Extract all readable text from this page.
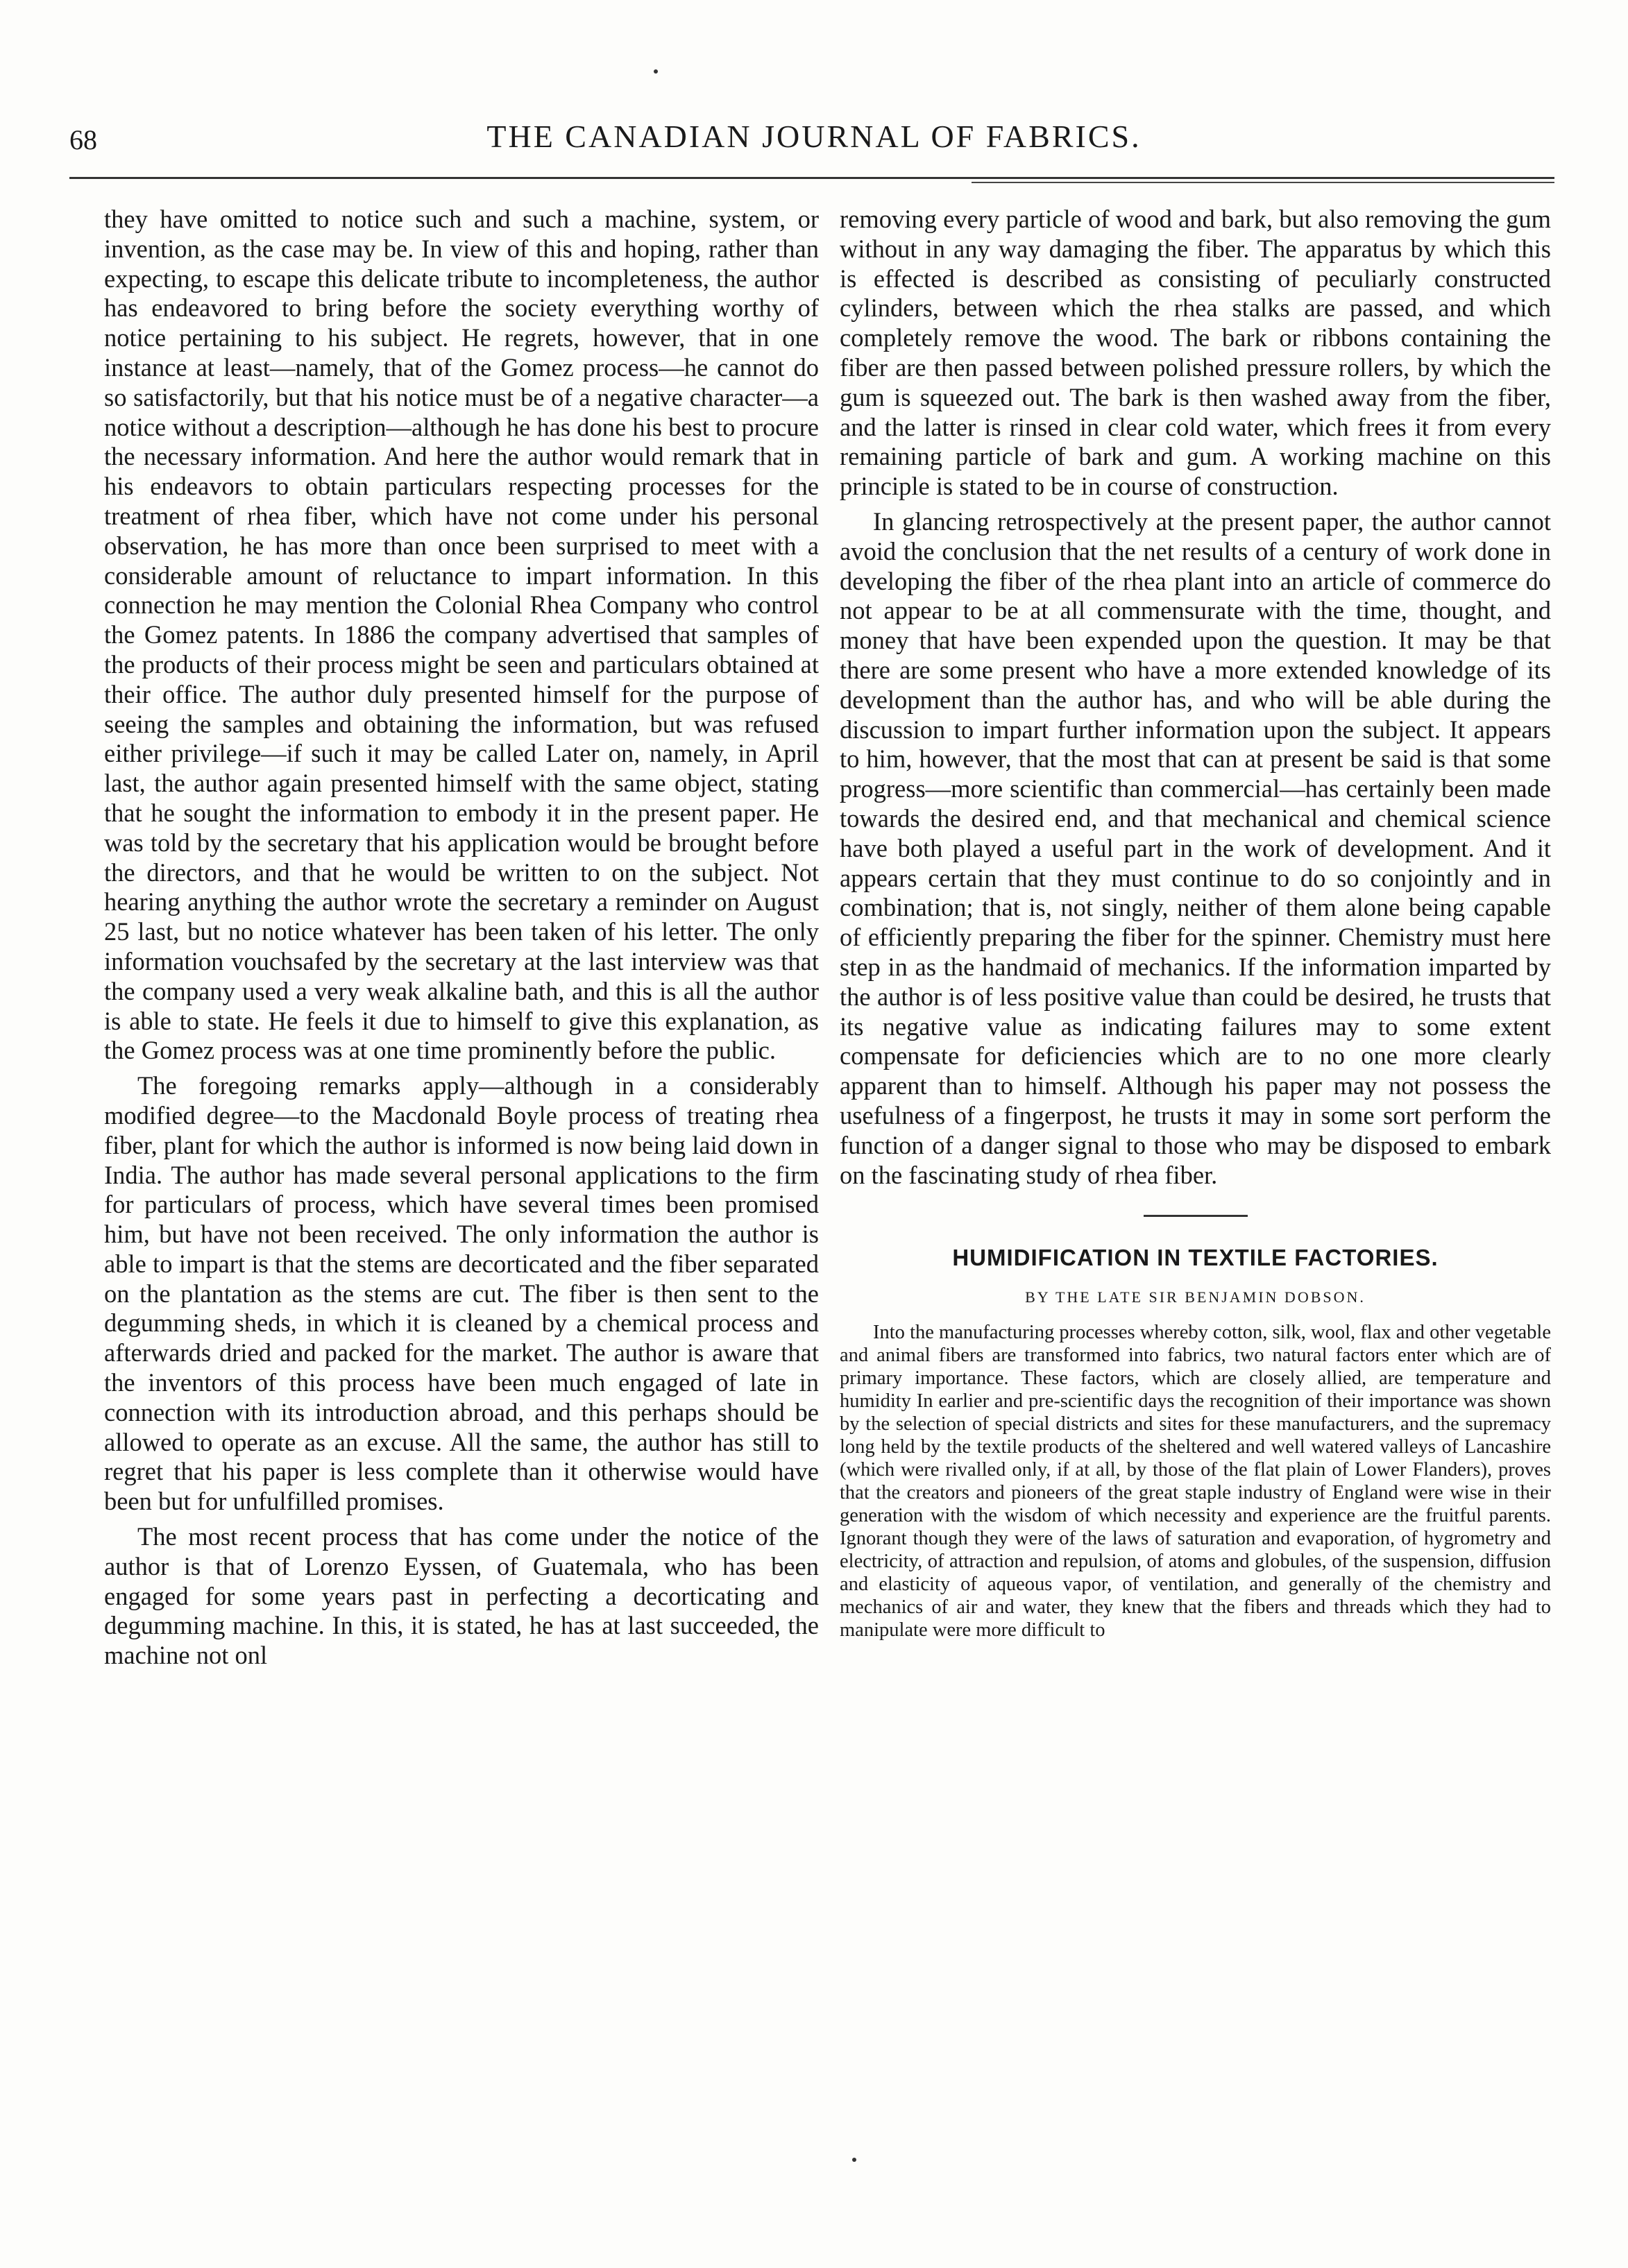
68	THE CANADIAN JOURNAL OF FABRICS.

they have omitted to notice such and such a machine, system, or invention, as the case may be. In view of this and hoping, rather than expecting, to escape this delicate tribute to incompleteness, the author has endeavored to bring before the society everything worthy of notice pertaining to his subject. He regrets, however, that in one instance at least—namely, that of the Gomez process—he cannot do so satisfactorily, but that his notice must be of a negative character—a notice without a description—although he has done his best to procure the necessary information. And here the author would remark that in his endeavors to obtain particulars respecting processes for the treatment of rhea fiber, which have not come under his personal observation, he has more than once been surprised to meet with a considerable amount of reluctance to impart information. In this connection he may mention the Colonial Rhea Company who control the Gomez patents. In 1886 the company advertised that samples of the products of their process might be seen and particulars obtained at their office. The author duly presented himself for the purpose of seeing the samples and obtaining the information, but was refused either privilege—if such it may be called Later on, namely, in April last, the author again presented himself with the same object, stating that he sought the information to embody it in the present paper. He was told by the secretary that his application would be brought before the directors, and that he would be written to on the subject. Not hearing anything the author wrote the secretary a reminder on August 25 last, but no notice whatever has been taken of his letter. The only information vouchsafed by the secretary at the last interview was that the company used a very weak alkaline bath, and this is all the author is able to state. He feels it due to himself to give this explanation, as the Gomez process was at one time prominently before the public.

The foregoing remarks apply—although in a considerably modified degree—to the Macdonald Boyle process of treating rhea fiber, plant for which the author is informed is now being laid down in India. The author has made several personal applications to the firm for particulars of process, which have several times been promised him, but have not been received. The only information the author is able to impart is that the stems are decorticated and the fiber separated on the plantation as the stems are cut. The fiber is then sent to the degumming sheds, in which it is cleaned by a chemical process and afterwards dried and packed for the market. The author is aware that the inventors of this process have been much engaged of late in connection with its introduction abroad, and this perhaps should be allowed to operate as an excuse. All the same, the author has still to regret that his paper is less complete than it otherwise would have been but for unfulfilled promises.

The most recent process that has come under the notice of the author is that of Lorenzo Eyssen, of Guatemala, who has been engaged for some years past in perfecting a decorticating and degumming machine. In this, it is stated, he has at last succeeded, the machine not onl

removing every particle of wood and bark, but also removing the gum without in any way damaging the fiber. The apparatus by which this is effected is described as consisting of peculiarly constructed cylinders, between which the rhea stalks are passed, and which completely remove the wood. The bark or ribbons containing the fiber are then passed between polished pressure rollers, by which the gum is squeezed out. The bark is then washed away from the fiber, and the latter is rinsed in clear cold water, which frees it from every remaining particle of bark and gum. A working machine on this principle is stated to be in course of construction.

In glancing retrospectively at the present paper, the author cannot avoid the conclusion that the net results of a century of work done in developing the fiber of the rhea plant into an article of commerce do not appear to be at all commensurate with the time, thought, and money that have been expended upon the question. It may be that there are some present who have a more extended knowledge of its development than the author has, and who will be able during the discussion to impart further information upon the subject. It appears to him, however, that the most that can at present be said is that some progress—more scientific than commercial—has certainly been made towards the desired end, and that mechanical and chemical science have both played a useful part in the work of development. And it appears certain that they must continue to do so conjointly and in combination; that is, not singly, neither of them alone being capable of efficiently preparing the fiber for the spinner. Chemistry must here step in as the handmaid of mechanics. If the information imparted by the author is of less positive value than could be desired, he trusts that its negative value as indicating failures may to some extent compensate for deficiencies which are to no one more clearly apparent than to himself. Although his paper may not possess the usefulness of a fingerpost, he trusts it may in some sort perform the function of a danger signal to those who may be disposed to embark on the fascinating study of rhea fiber.

HUMIDIFICATION IN TEXTILE FACTORIES.
BY THE LATE SIR BENJAMIN DOBSON.

Into the manufacturing processes whereby cotton, silk, wool, flax and other vegetable and animal fibers are transformed into fabrics, two natural factors enter which are of primary importance. These factors, which are closely allied, are temperature and humidity In earlier and pre-scientific days the recognition of their importance was shown by the selection of special districts and sites for these manufacturers, and the supremacy long held by the textile products of the sheltered and well watered valleys of Lancashire (which were rivalled only, if at all, by those of the flat plain of Lower Flanders), proves that the creators and pioneers of the great staple industry of England were wise in their generation with the wisdom of which necessity and experience are the fruitful parents. Ignorant though they were of the laws of saturation and evaporation, of hygrometry and electricity, of attraction and repulsion, of atoms and globules, of the suspension, diffusion and elasticity of aqueous vapor, of ventilation, and generally of the chemistry and mechanics of air and water, they knew that the fibers and threads which they had to manipulate were more difficult to
